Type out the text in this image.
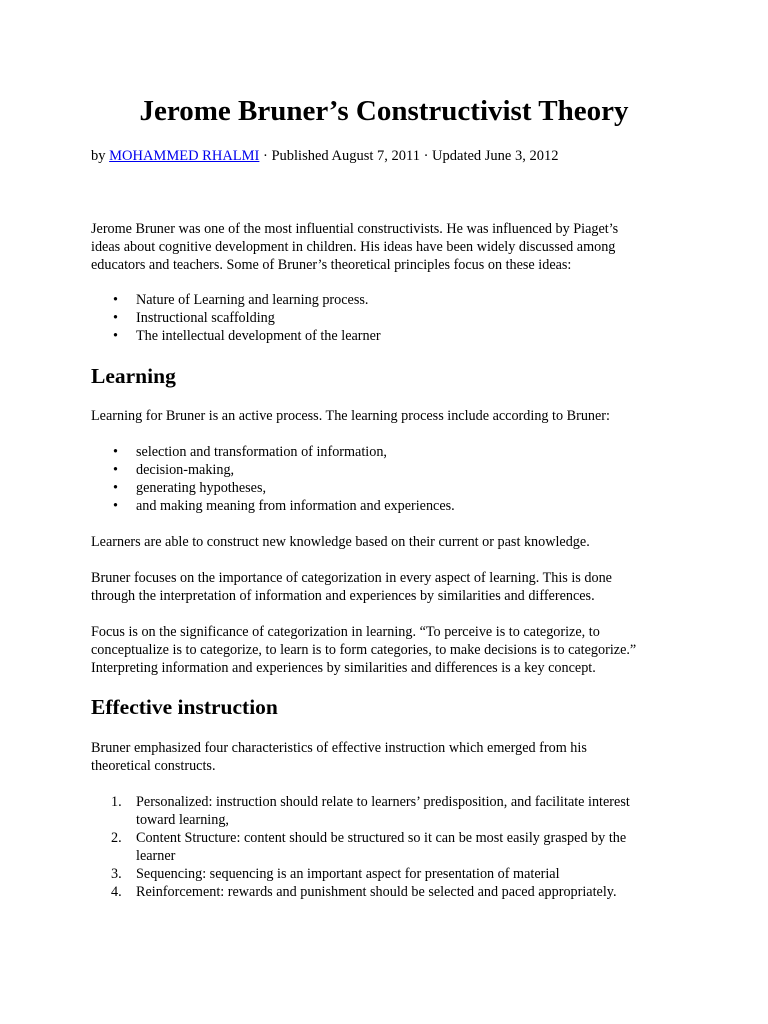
Jerome Bruner’s Constructivist Theory

by MOHAMMED RHALMI · Published August 7, 2011 · Updated June 3, 2012

Jerome Bruner was one of the most influential constructivists. He was influenced by Piaget’s
ideas about cognitive development in children. His ideas have been widely discussed among
educators and teachers. Some of Bruner’s theoretical principles focus on these ideas:
• Nature of Learning and learning process.
• Instructional scaffolding
• The intellectual development of the learner
Learning

Learning for Bruner is an active process. The learning process include according to Bruner:

• selection and transformation of information,
• decision-making,
• generating hypotheses,
• and making meaning from information and experiences.

Learners are able to construct new knowledge based on their current or past knowledge.

Bruner focuses on the importance of categorization in every aspect of learning. This is done
through the interpretation of information and experiences by similarities and differences.
Focus is on the significance of categorization in learning. “To perceive is to categorize, to
conceptualize is to categorize, to learn is to form categories, to make decisions is to categorize.”
Interpreting information and experiences by similarities and differences is a key concept.
Effective instruction
Bruner emphasized four characteristics of effective instruction which emerged from his
theoretical constructs.
1. Personalized: instruction should relate to learners’ predisposition, and facilitate interest
toward learning,
2. Content Structure: content should be structured so it can be most easily grasped by the
learner
3. Sequencing: sequencing is an important aspect for presentation of material
4. Reinforcement: rewards and punishment should be selected and paced appropriately.
